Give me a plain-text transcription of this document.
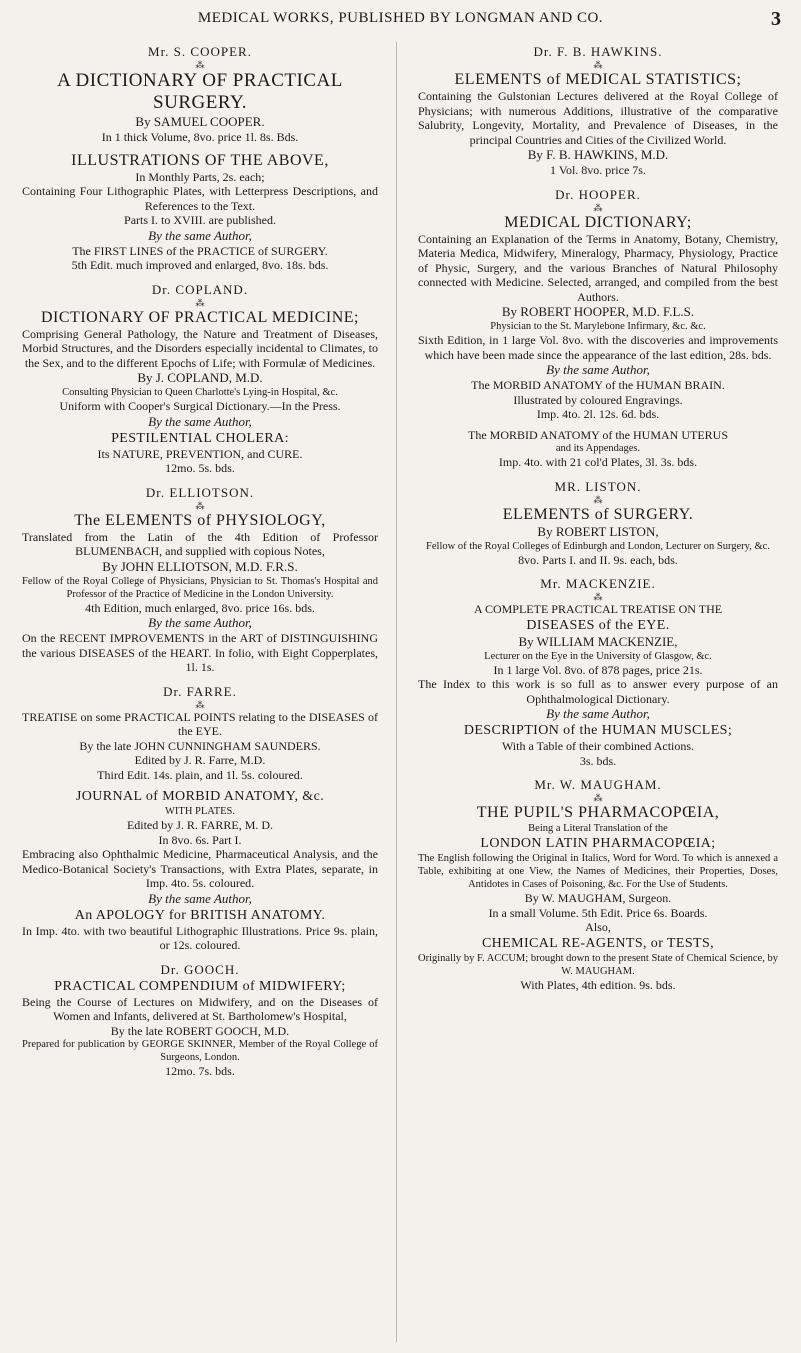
MEDICAL WORKS, PUBLISHED BY LONGMAN AND CO.	3
Mr. S. COOPER.
⁂
A DICTIONARY OF PRACTICAL SURGERY.
By SAMUEL COOPER.
In 1 thick Volume, 8vo. price 1l. 8s. Bds.
ILLUSTRATIONS OF THE ABOVE,
In Monthly Parts, 2s. each;
Containing Four Lithographic Plates, with Letterpress Descriptions, and References to the Text.
Parts I. to XVIII. are published.
By the same Author,
The FIRST LINES of the PRACTICE of SURGERY.
5th Edit. much improved and enlarged, 8vo. 18s. bds.
Dr. COPLAND.
⁂
DICTIONARY OF PRACTICAL MEDICINE;
Comprising General Pathology, the Nature and Treatment of Diseases, Morbid Structures, and the Disorders especially incidental to Climates, to the Sex, and to the different Epochs of Life; with Formulæ of Medicines.
By J. COPLAND, M.D.
Consulting Physician to Queen Charlotte's Lying-in Hospital, &c.
Uniform with Cooper's Surgical Dictionary.—In the Press.
By the same Author,
PESTILENTIAL CHOLERA:
Its NATURE, PREVENTION, and CURE.
12mo. 5s. bds.
Dr. ELLIOTSON.
⁂
The ELEMENTS of PHYSIOLOGY,
Translated from the Latin of the 4th Edition of Professor BLUMENBACH, and supplied with copious Notes,
By JOHN ELLIOTSON, M.D. F.R.S.
Fellow of the Royal College of Physicians, Physician to St. Thomas's Hospital and Professor of the Practice of Medicine in the London University.
4th Edition, much enlarged, 8vo. price 16s. bds.
By the same Author,
On the RECENT IMPROVEMENTS in the ART of DISTINGUISHING the various DISEASES of the HEART. In folio, with Eight Copperplates, 1l. 1s.
Dr. FARRE.
⁂
TREATISE on some PRACTICAL POINTS relating to the DISEASES of the EYE.
By the late JOHN CUNNINGHAM SAUNDERS.
Edited by J. R. Farre, M.D.
Third Edit. 14s. plain, and 1l. 5s. coloured.
JOURNAL of MORBID ANATOMY, &c.
WITH PLATES.
Edited by J. R. FARRE, M. D.
In 8vo. 6s. Part I.
Embracing also Ophthalmic Medicine, Pharmaceutical Analysis, and the Medico-Botanical Society's Transactions, with Extra Plates, separate, in Imp. 4to. 5s. coloured.
By the same Author,
An APOLOGY for BRITISH ANATOMY.
In Imp. 4to. with two beautiful Lithographic Illustrations. Price 9s. plain, or 12s. coloured.
Dr. GOOCH.
PRACTICAL COMPENDIUM of MIDWIFERY;
Being the Course of Lectures on Midwifery, and on the Diseases of Women and Infants, delivered at St. Bartholomew's Hospital,
By the late ROBERT GOOCH, M.D.
Prepared for publication by GEORGE SKINNER, Member of the Royal College of Surgeons, London.
12mo. 7s. bds.
Dr. F. B. HAWKINS.
⁂
ELEMENTS of MEDICAL STATISTICS;
Containing the Gulstonian Lectures delivered at the Royal College of Physicians; with numerous Additions, illustrative of the comparative Salubrity, Longevity, Mortality, and Prevalence of Diseases, in the principal Countries and Cities of the Civilized World.
By F. B. HAWKINS, M.D.
1 Vol. 8vo. price 7s.
Dr. HOOPER.
⁂
MEDICAL DICTIONARY;
Containing an Explanation of the Terms in Anatomy, Botany, Chemistry, Materia Medica, Midwifery, Mineralogy, Pharmacy, Physiology, Practice of Physic, Surgery, and the various Branches of Natural Philosophy connected with Medicine. Selected, arranged, and compiled from the best Authors.
By ROBERT HOOPER, M.D. F.L.S.
Physician to the St. Marylebone Infirmary, &c. &c.
Sixth Edition, in 1 large Vol. 8vo. with the discoveries and improvements which have been made since the appearance of the last edition, 28s. bds.
By the same Author,
The MORBID ANATOMY of the HUMAN BRAIN.
Illustrated by coloured Engravings.
Imp. 4to. 2l. 12s. 6d. bds.
The MORBID ANATOMY of the HUMAN UTERUS
and its Appendages.
Imp. 4to. with 21 col'd Plates, 3l. 3s. bds.
MR. LISTON.
⁂
ELEMENTS of SURGERY.
By ROBERT LISTON,
Fellow of the Royal Colleges of Edinburgh and London, Lecturer on Surgery, &c.
8vo. Parts I. and II. 9s. each, bds.
Mr. MACKENZIE.
⁂
A COMPLETE PRACTICAL TREATISE ON THE
DISEASES of the EYE.
By WILLIAM MACKENZIE,
Lecturer on the Eye in the University of Glasgow, &c.
In 1 large Vol. 8vo. of 878 pages, price 21s.
The Index to this work is so full as to answer every purpose of an Ophthalmological Dictionary.
By the same Author,
DESCRIPTION of the HUMAN MUSCLES;
With a Table of their combined Actions.
3s. bds.
Mr. W. MAUGHAM.
⁂
THE PUPIL'S PHARMACOPŒIA,
Being a Literal Translation of the
LONDON LATIN PHARMACOPŒIA;
The English following the Original in Italics, Word for Word. To which is annexed a Table, exhibiting at one View, the Names of Medicines, their Properties, Doses, Antidotes in Cases of Poisoning, &c. For the Use of Students.
By W. MAUGHAM, Surgeon.
In a small Volume. 5th Edit. Price 6s. Boards.
Also,
CHEMICAL RE-AGENTS, or TESTS,
Originally by F. ACCUM; brought down to the present State of Chemical Science, by W. MAUGHAM.
With Plates, 4th edition. 9s. bds.
